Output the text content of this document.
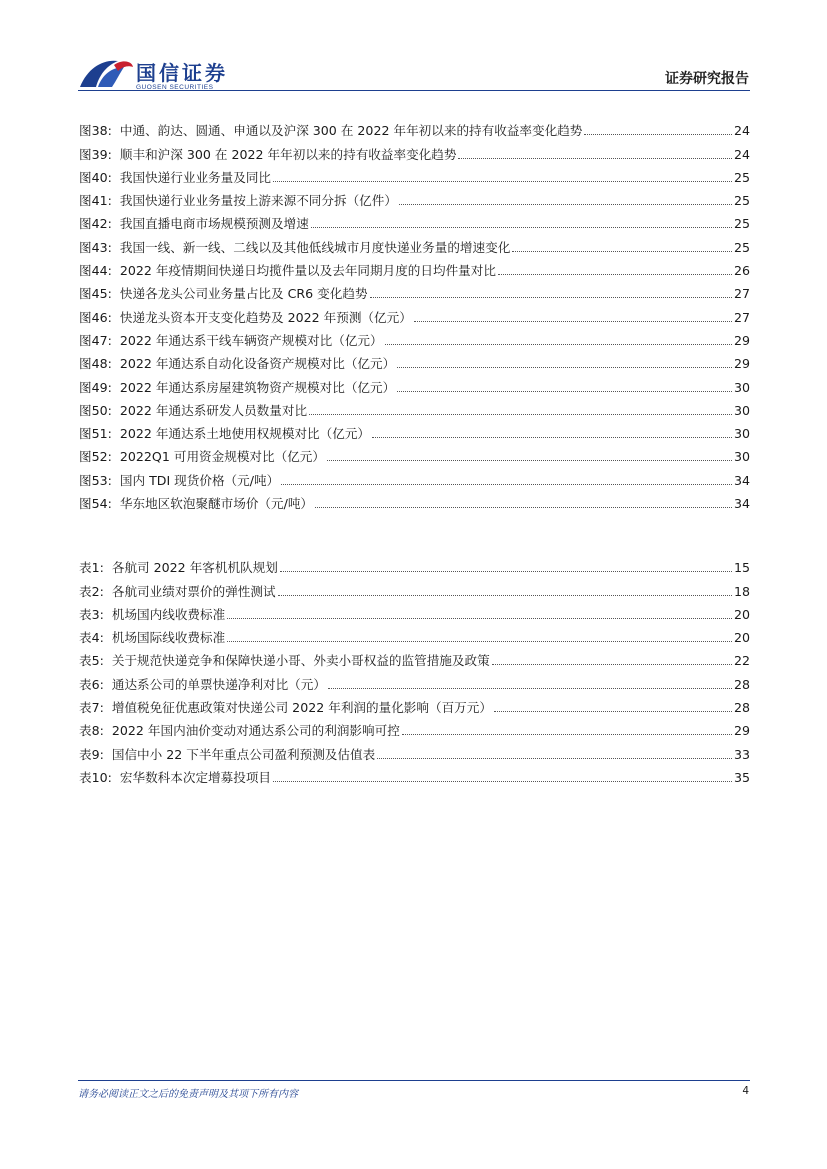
国信证券
GUOSEN SECURITIES
证券研究报告
图38: 中通、韵达、圆通、申通以及沪深 300 在 2022 年年初以来的持有收益率变化趋势	24
图39: 顺丰和沪深 300 在 2022 年年初以来的持有收益率变化趋势	24
图40: 我国快递行业业务量及同比	25
图41: 我国快递行业业务量按上游来源不同分拆（亿件）	25
图42: 我国直播电商市场规模预测及增速	25
图43: 我国一线、新一线、二线以及其他低线城市月度快递业务量的增速变化	25
图44: 2022 年疫情期间快递日均揽件量以及去年同期月度的日均件量对比	26
图45: 快递各龙头公司业务量占比及 CR6 变化趋势	27
图46: 快递龙头资本开支变化趋势及 2022 年预测（亿元）	27
图47: 2022 年通达系干线车辆资产规模对比（亿元）	29
图48: 2022 年通达系自动化设备资产规模对比（亿元）	29
图49: 2022 年通达系房屋建筑物资产规模对比（亿元）	30
图50: 2022 年通达系研发人员数量对比	30
图51: 2022 年通达系土地使用权规模对比（亿元）	30
图52: 2022Q1 可用资金规模对比（亿元）	30
图53: 国内 TDI 现货价格（元/吨）	34
图54: 华东地区软泡聚醚市场价（元/吨）	34
表1: 各航司 2022 年客机机队规划	15
表2: 各航司业绩对票价的弹性测试	18
表3: 机场国内线收费标准	20
表4: 机场国际线收费标准	20
表5: 关于规范快递竞争和保障快递小哥、外卖小哥权益的监管措施及政策	22
表6: 通达系公司的单票快递净利对比（元）	28
表7: 增值税免征优惠政策对快递公司 2022 年利润的量化影响（百万元）	28
表8: 2022 年国内油价变动对通达系公司的利润影响可控	29
表9: 国信中小 22 下半年重点公司盈利预测及估值表	33
表10: 宏华数科本次定增募投项目	35
请务必阅读正文之后的免责声明及其项下所有内容	4
